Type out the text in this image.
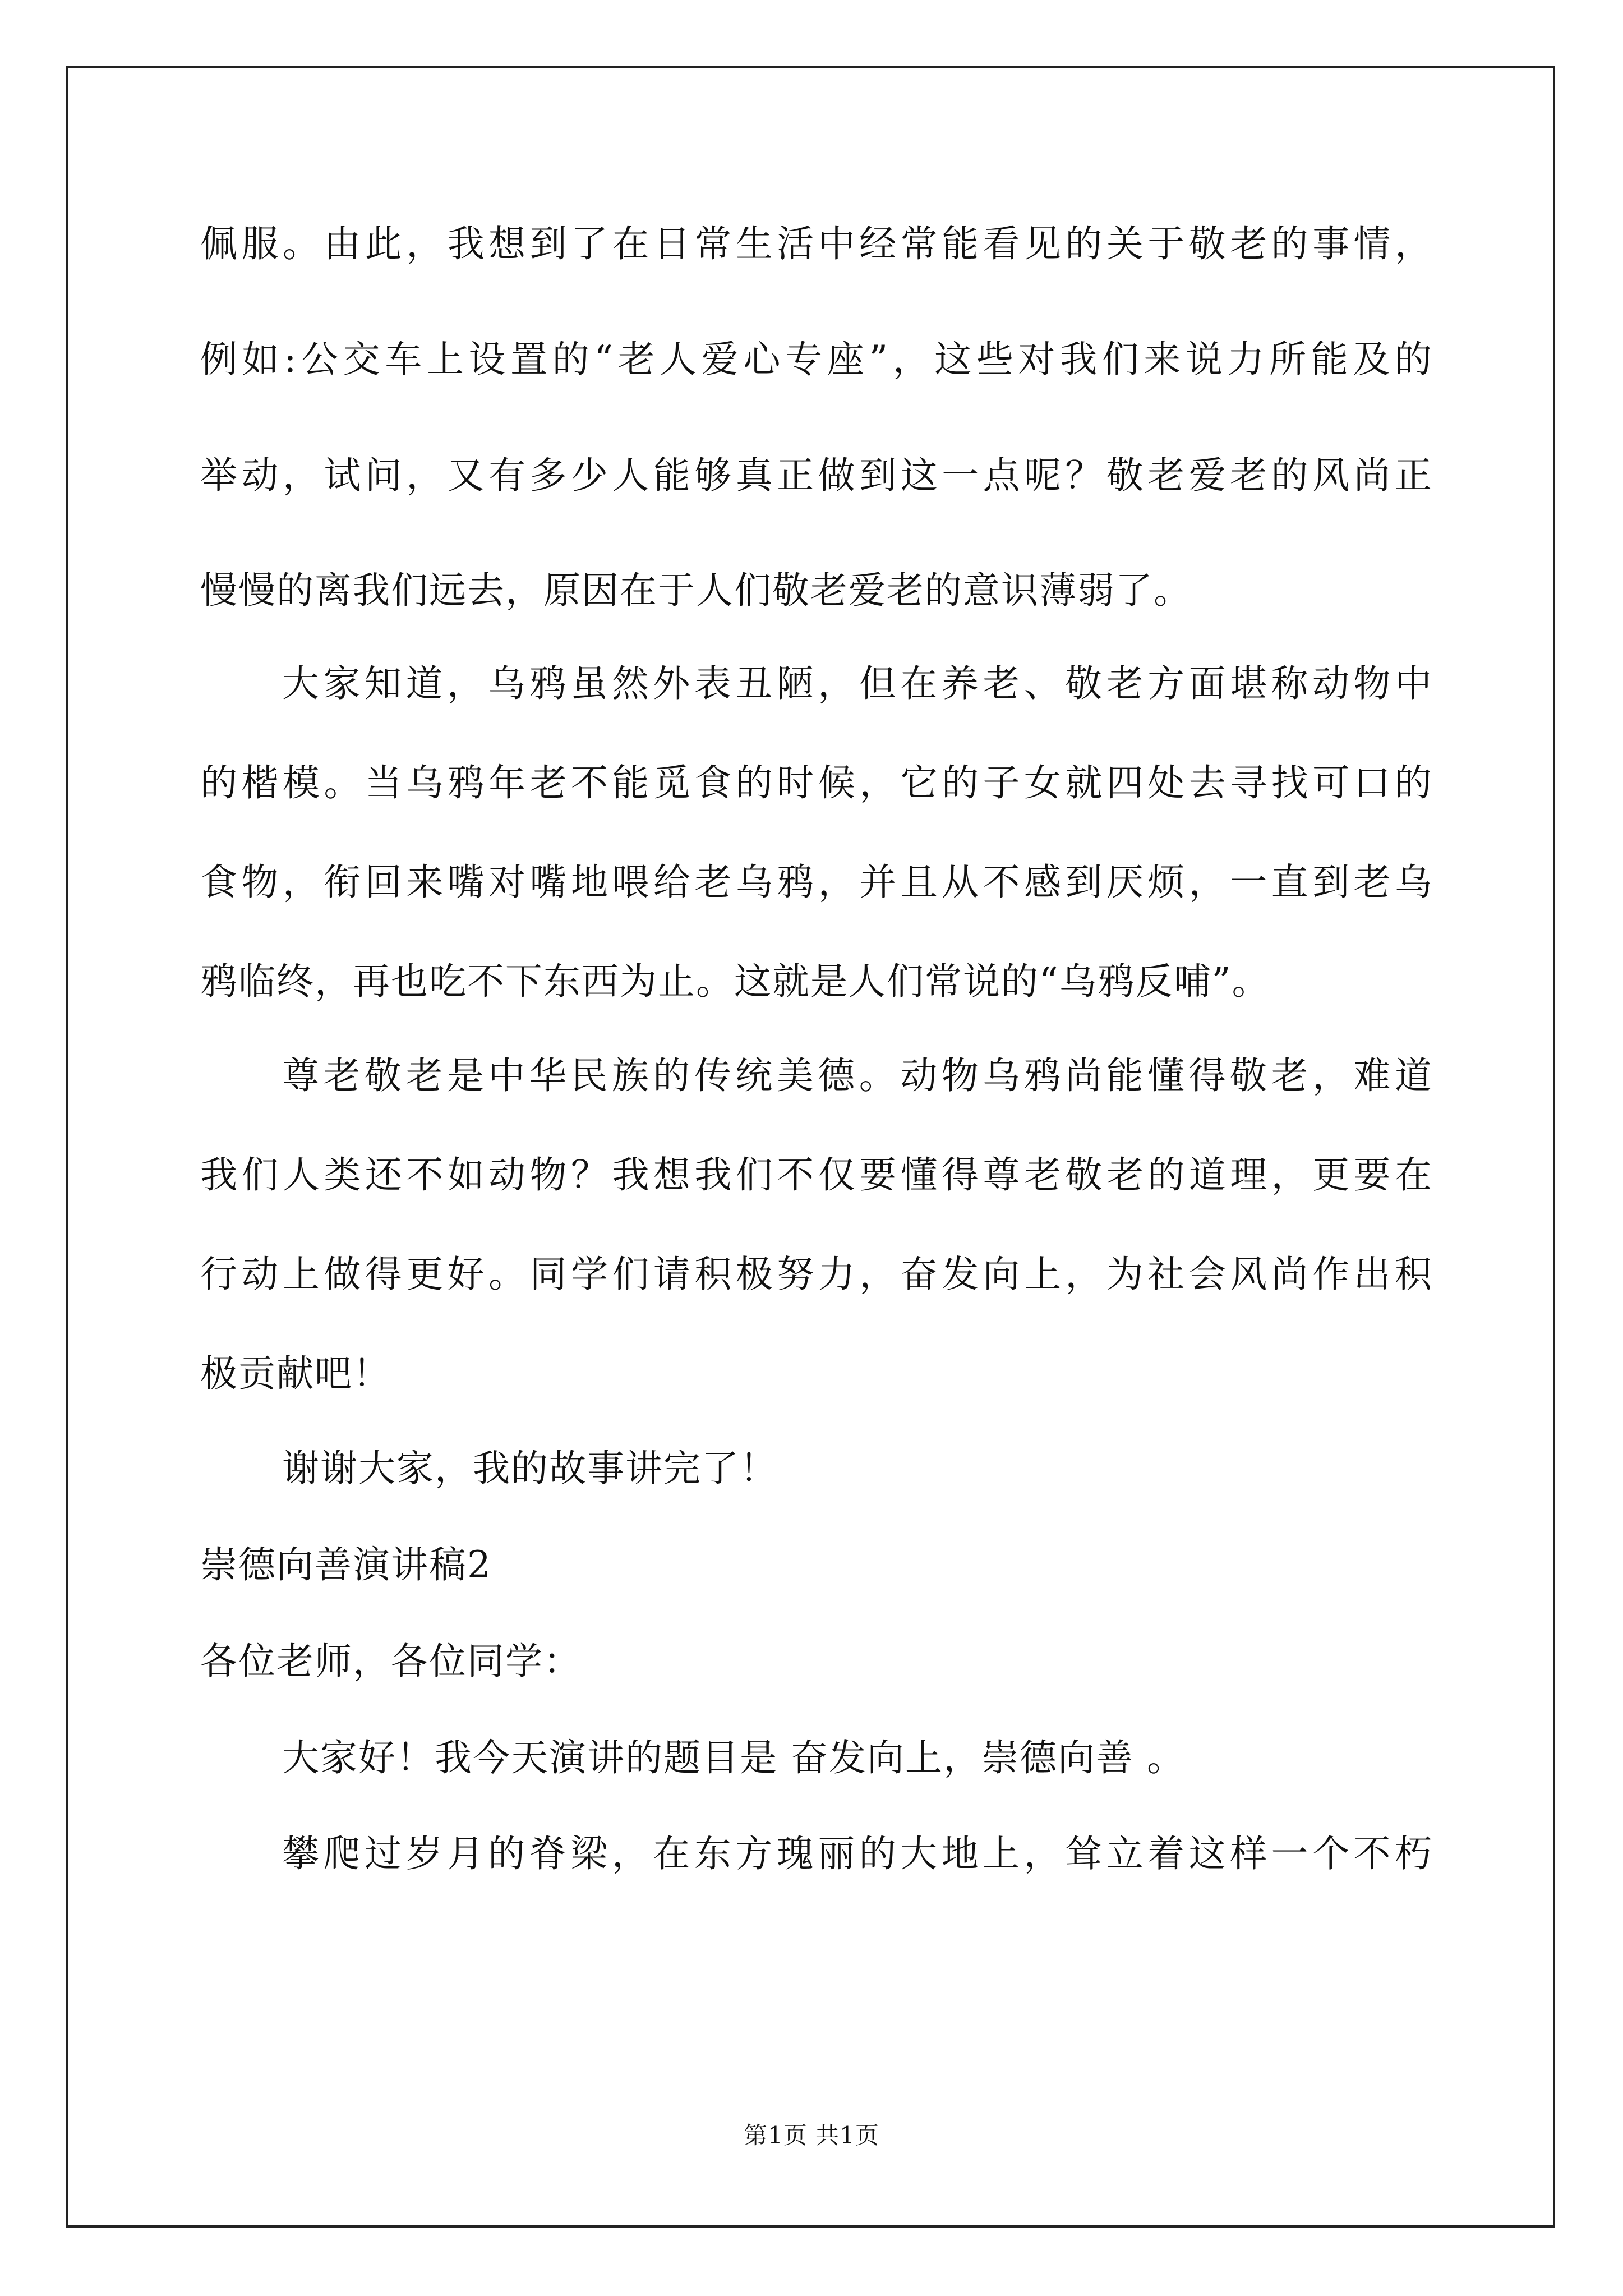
佩服。由此，我想到了在日常生活中经常能看见的关于敬老的事情，
例如:公交车上设置的“老人爱心专座”，这些对我们来说力所能及的
举动，试问，又有多少人能够真正做到这一点呢？敬老爱老的风尚正
慢慢的离我们远去，原因在于人们敬老爱老的意识薄弱了。
大家知道，乌鸦虽然外表丑陋，但在养老、敬老方面堪称动物中
的楷模。当乌鸦年老不能觅食的时候，它的子女就四处去寻找可口的
食物，衔回来嘴对嘴地喂给老乌鸦，并且从不感到厌烦，一直到老乌
鸦临终，再也吃不下东西为止。这就是人们常说的“乌鸦反哺”。
尊老敬老是中华民族的传统美德。动物乌鸦尚能懂得敬老，难道
我们人类还不如动物？我想我们不仅要懂得尊老敬老的道理，更要在
行动上做得更好。同学们请积极努力，奋发向上，为社会风尚作出积
极贡献吧！
谢谢大家，我的故事讲完了！
崇德向善演讲稿2
各位老师，各位同学：
大家好！我今天演讲的题目是 奋发向上，崇德向善 。
攀爬过岁月的脊梁，在东方瑰丽的大地上，耸立着这样一个不朽
第1页 共1页
